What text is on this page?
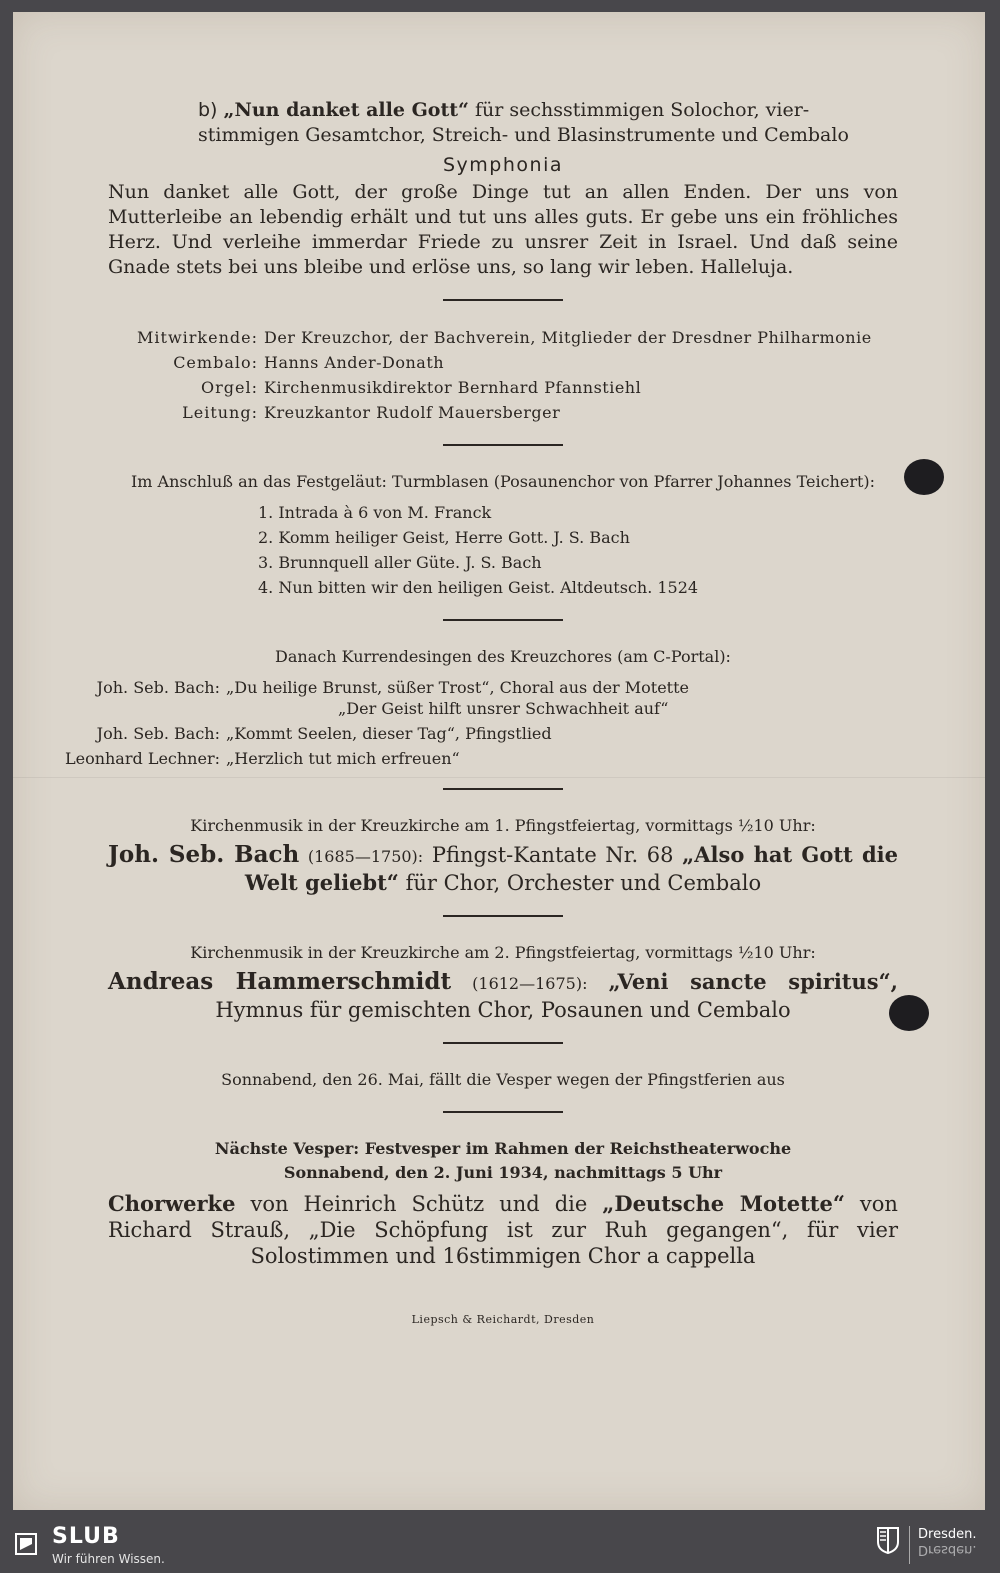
b) „Nun danket alle Gott“ für sechsstimmigen Solochor, vier-
stimmigen Gesamtchor, Streich- und Blasinstrumente und Cembalo
Symphonia
Nun danket alle Gott, der große Dinge tut an allen Enden. Der uns von Mutterleibe an lebendig erhält und tut uns alles guts. Er gebe uns ein fröhliches Herz. Und verleihe immerdar Friede zu unsrer Zeit in Israel. Und daß seine Gnade stets bei uns bleibe und erlöse uns, so lang wir leben. Halleluja.
Mitwirkende: Der Kreuzchor, der Bachverein, Mitglieder der Dresdner Philharmonie
Cembalo: Hanns Ander-Donath
Orgel: Kirchenmusikdirektor Bernhard Pfannstiehl
Leitung: Kreuzkantor Rudolf Mauersberger
Im Anschluß an das Festgeläut: Turmblasen (Posaunenchor von Pfarrer Johannes Teichert):
1. Intrada à 6 von M. Franck
2. Komm heiliger Geist, Herre Gott. J. S. Bach
3. Brunnquell aller Güte. J. S. Bach
4. Nun bitten wir den heiligen Geist. Altdeutsch. 1524
Danach Kurrendesingen des Kreuzchores (am C-Portal):
Joh. Seb. Bach: „Du heilige Brunst, süßer Trost“, Choral aus der Motette
„Der Geist hilft unsrer Schwachheit auf“
Joh. Seb. Bach: „Kommt Seelen, dieser Tag“, Pfingstlied
Leonhard Lechner: „Herzlich tut mich erfreuen“
Kirchenmusik in der Kreuzkirche am 1. Pfingstfeiertag, vormittags ½10 Uhr:
Joh. Seb. Bach (1685—1750): Pfingst-Kantate Nr. 68 „Also hat Gott die Welt geliebt“ für Chor, Orchester und Cembalo
Kirchenmusik in der Kreuzkirche am 2. Pfingstfeiertag, vormittags ½10 Uhr:
Andreas Hammerschmidt (1612—1675): „Veni sancte spiritus“, Hymnus für gemischten Chor, Posaunen und Cembalo
Sonnabend, den 26. Mai, fällt die Vesper wegen der Pfingstferien aus
Nächste Vesper: Festvesper im Rahmen der Reichstheaterwoche
Sonnabend, den 2. Juni 1934, nachmittags 5 Uhr
Chorwerke von Heinrich Schütz und die „Deutsche Motette“ von Richard Strauß, „Die Schöpfung ist zur Ruh gegangen“, für vier Solostimmen und 16stimmigen Chor a cappella
Liepsch & Reichardt, Dresden
SLUB
Wir führen Wissen.
Dresden.
Dresden.
